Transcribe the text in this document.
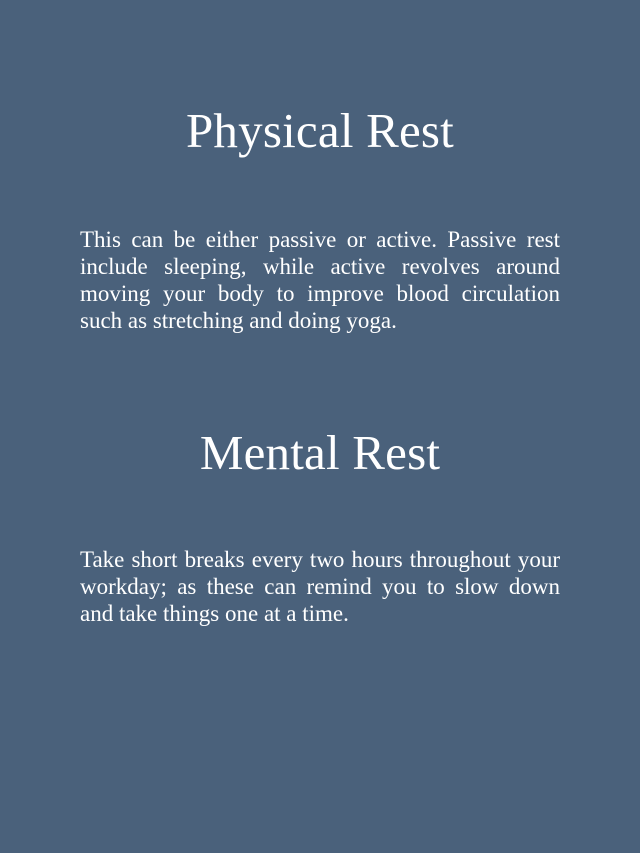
Physical Rest

This can be either passive or active. Passive rest include sleeping, while active revolves around moving your body to improve blood circulation such as stretching and doing yoga.

Mental Rest

Take short breaks every two hours throughout your workday; as these can remind you to slow down and take things one at a time.
